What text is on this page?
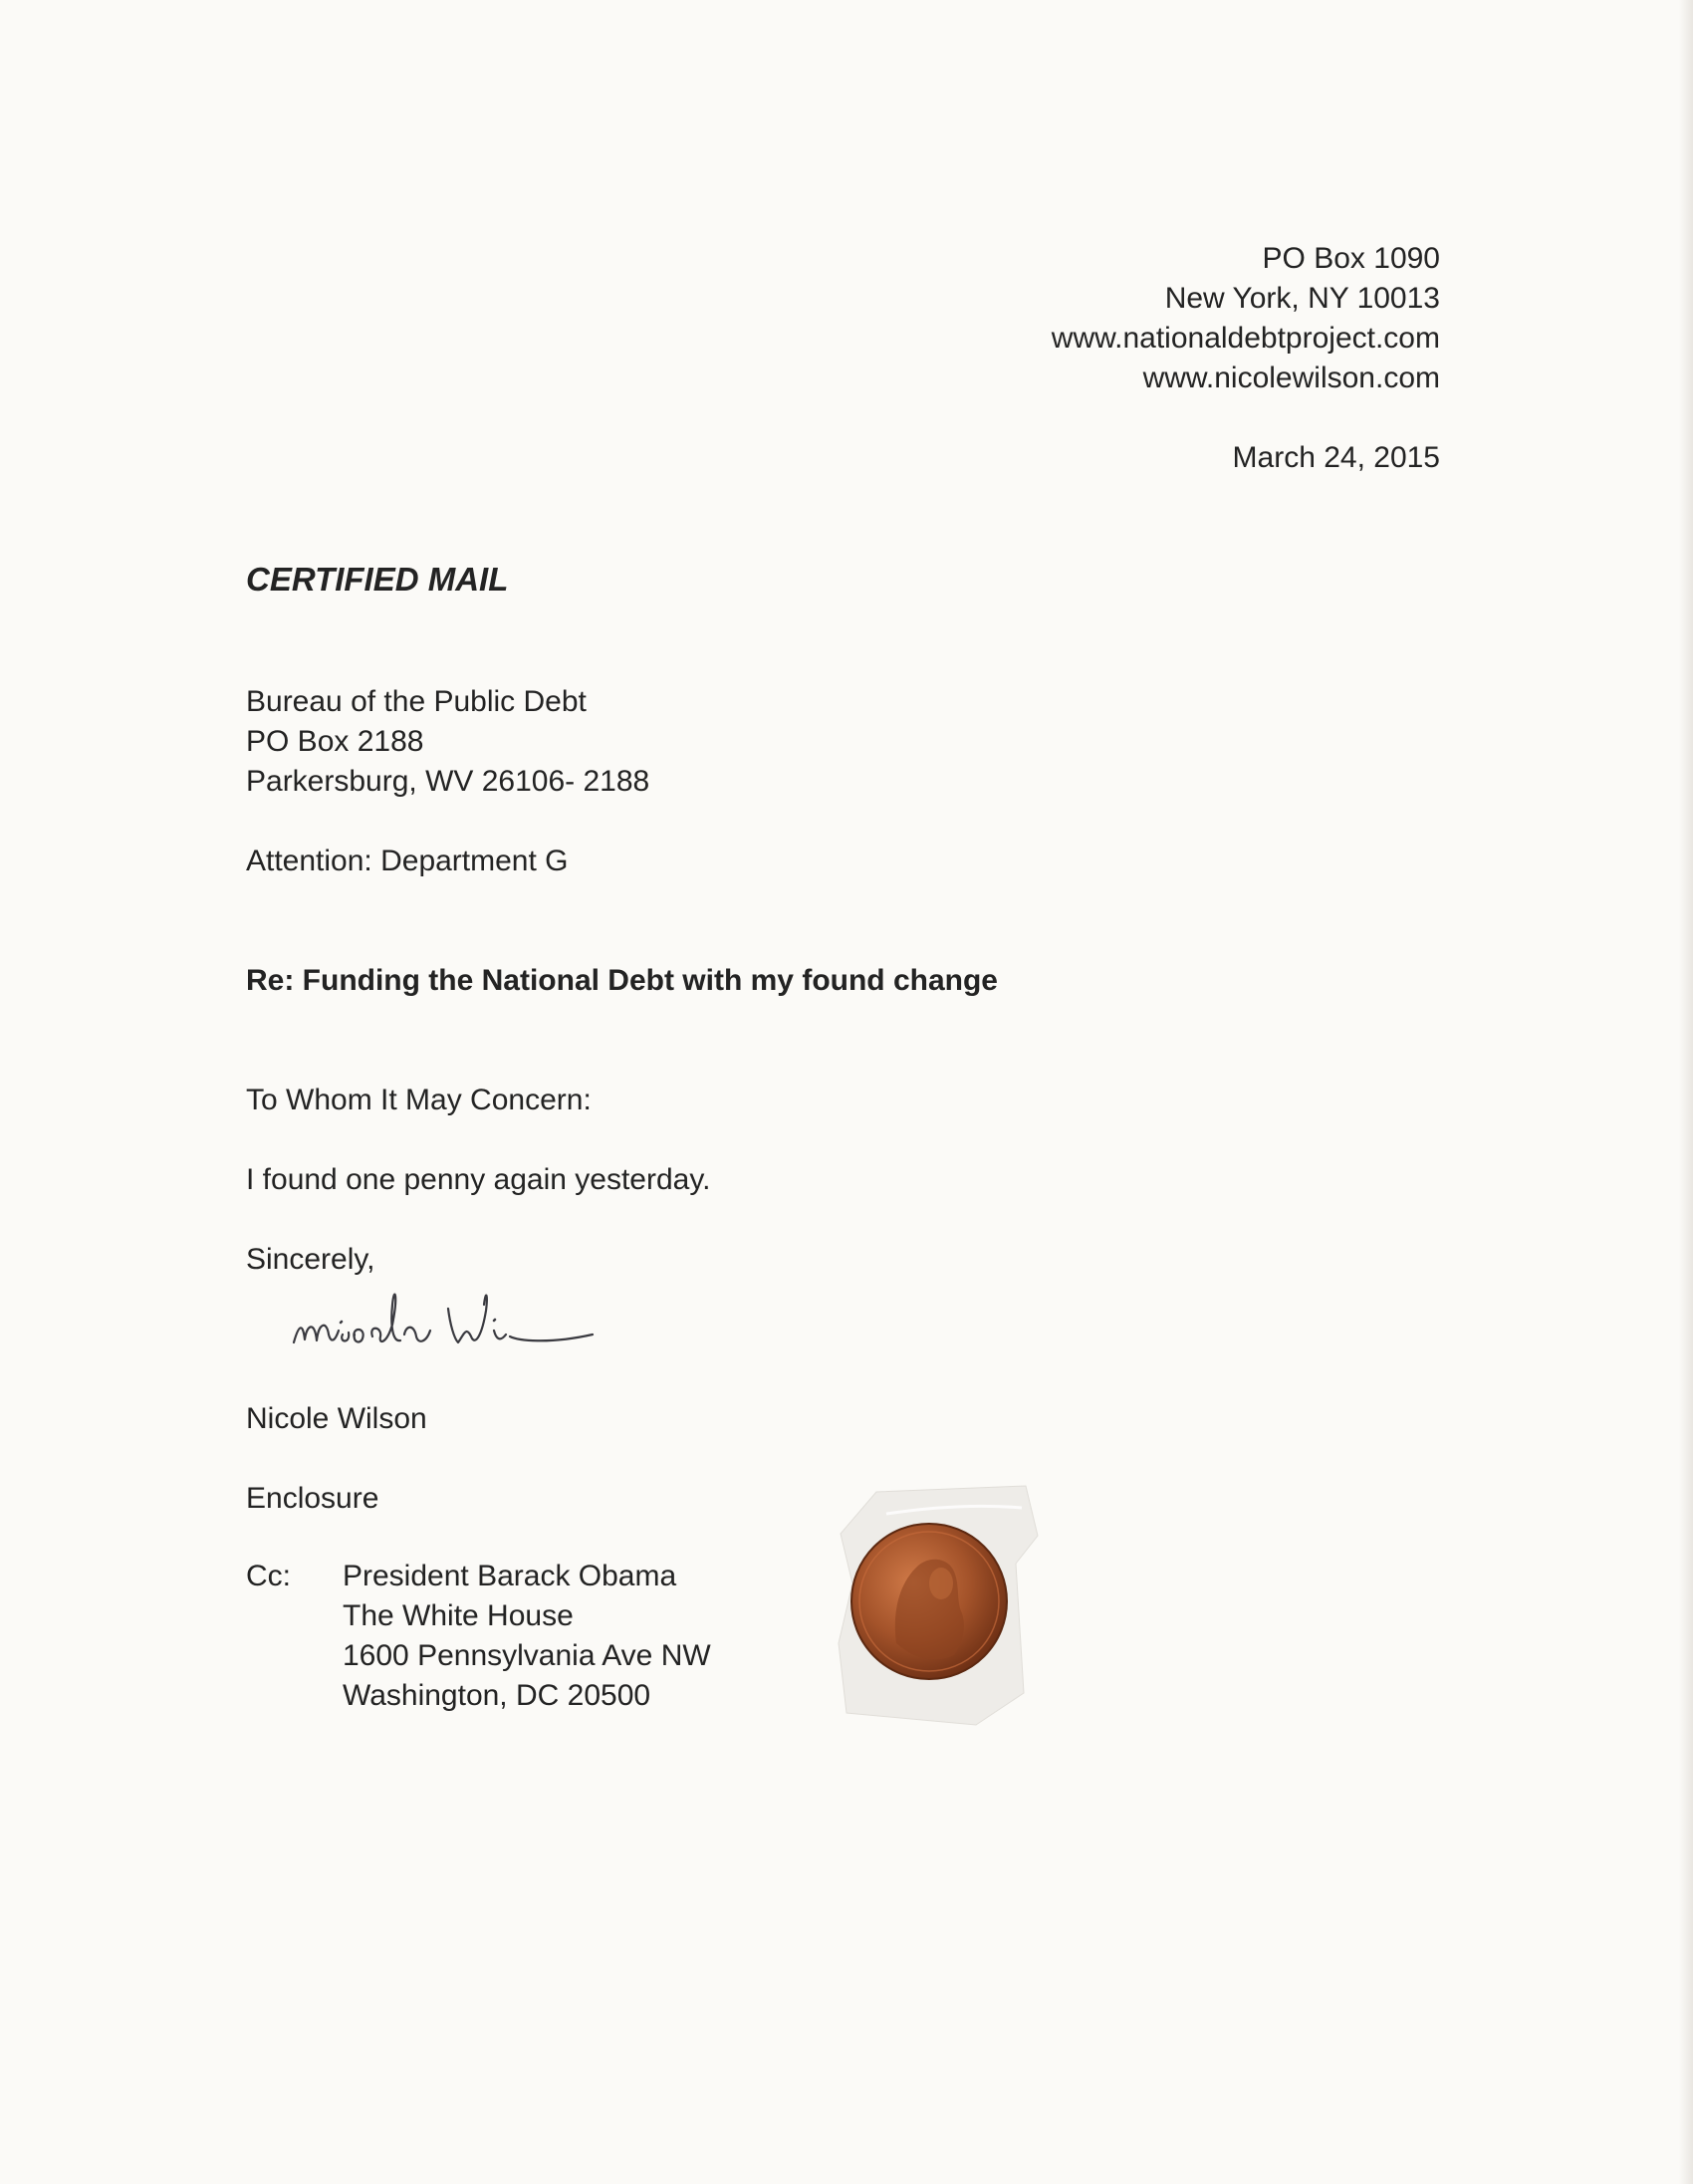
PO Box 1090
New York, NY 10013
www.nationaldebtproject.com
www.nicolewilson.com
March 24, 2015
CERTIFIED MAIL
Bureau of the Public Debt
PO Box 2188
Parkersburg, WV 26106- 2188
Attention: Department G
Re: Funding the National Debt with my found change
To Whom It May Concern:
I found one penny again yesterday.
Sincerely,
Nicole Wilson
Enclosure
Cc: President Barack Obama
The White House
1600 Pennsylvania Ave NW
Washington, DC 20500
